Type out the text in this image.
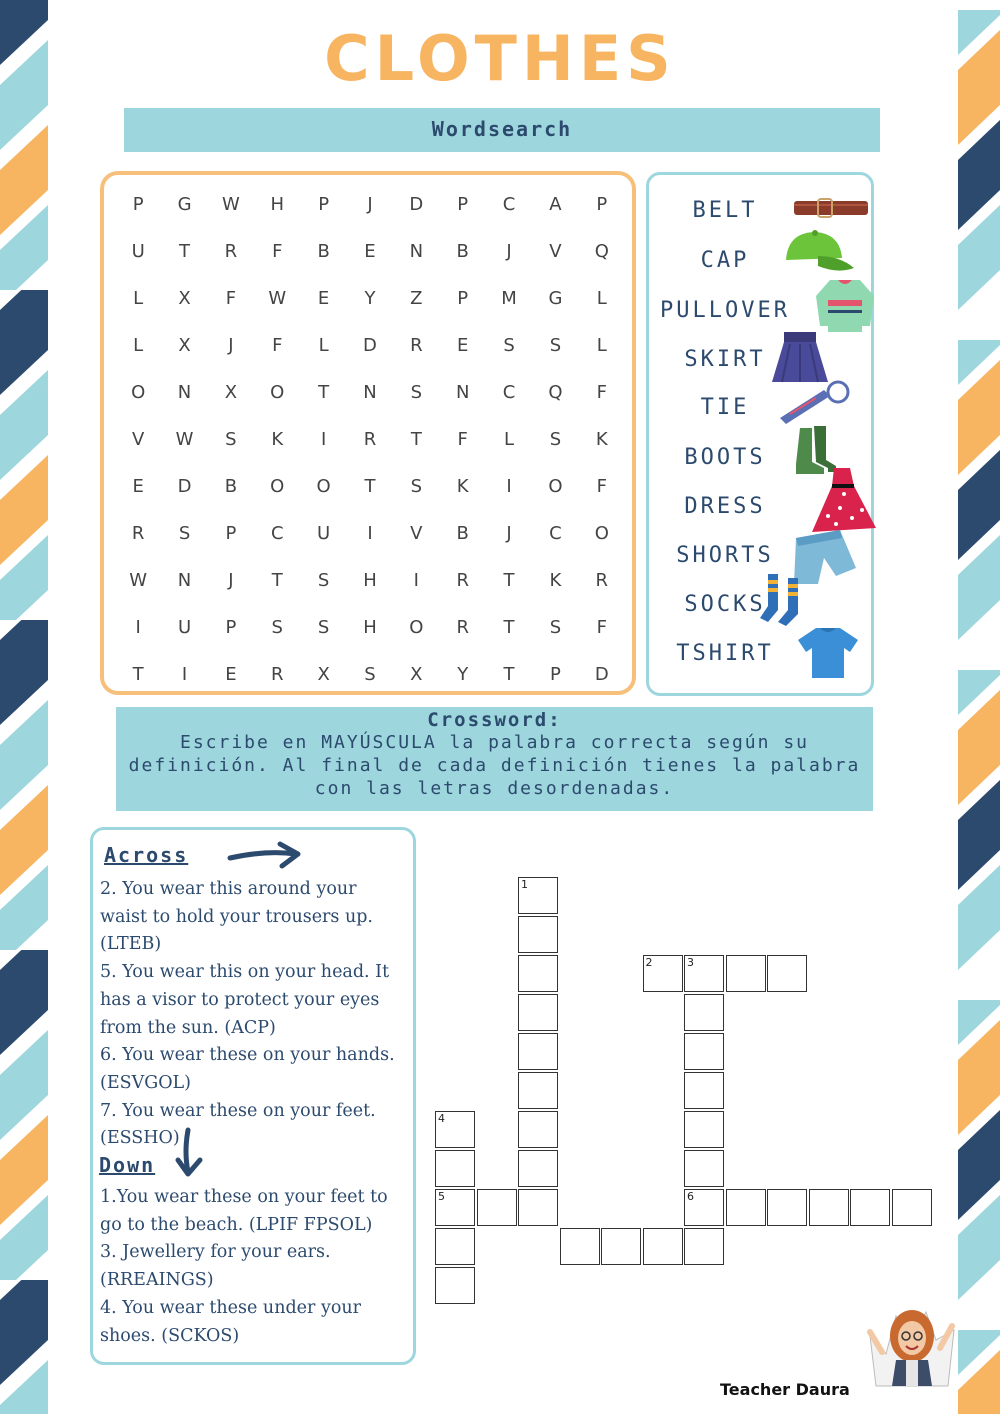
CLOTHES
Wordsearch
P	G	W	H	P	J	D	P	C	A	P
U	T	R	F	B	E	N	B	J	V	Q
L	X	F	W	E	Y	Z	P	M	G	L
L	X	J	F	L	D	R	E	S	S	L
O	N	X	O	T	N	S	N	C	Q	F
V	W	S	K	I	R	T	F	L	S	K
E	D	B	O	O	T	S	K	I	O	F
R	S	P	C	U	I	V	B	J	C	O
W	N	J	T	S	H	I	R	T	K	R
I	U	P	S	S	H	O	R	T	S	F
T	I	E	R	X	S	X	Y	T	P	D
BELT
CAP
PULLOVER
SKIRT
TIE
BOOTS
DRESS
SHORTS
SOCKS
TSHIRT
Crossword:
Escribe en MAYÚSCULA la palabra correcta según su definición. Al final de cada definición tienes la palabra con las letras desordenadas.
Across

2. You wear this around your waist to hold your trousers up. (LTEB)

5. You wear this on your head. It has a visor to protect your eyes from the sun. (ACP)

6. You wear these on your hands. (ESVGOL)

7. You wear these on your feet. (ESSHO)

Down

1.You wear these on your feet to go to the beach. (LPIF FPSOL)

3. Jewellery for your ears. (RREAINGS)

4. You wear these under your shoes. (SCKOS)

1
3
6
4
5
2
Teacher Daura
